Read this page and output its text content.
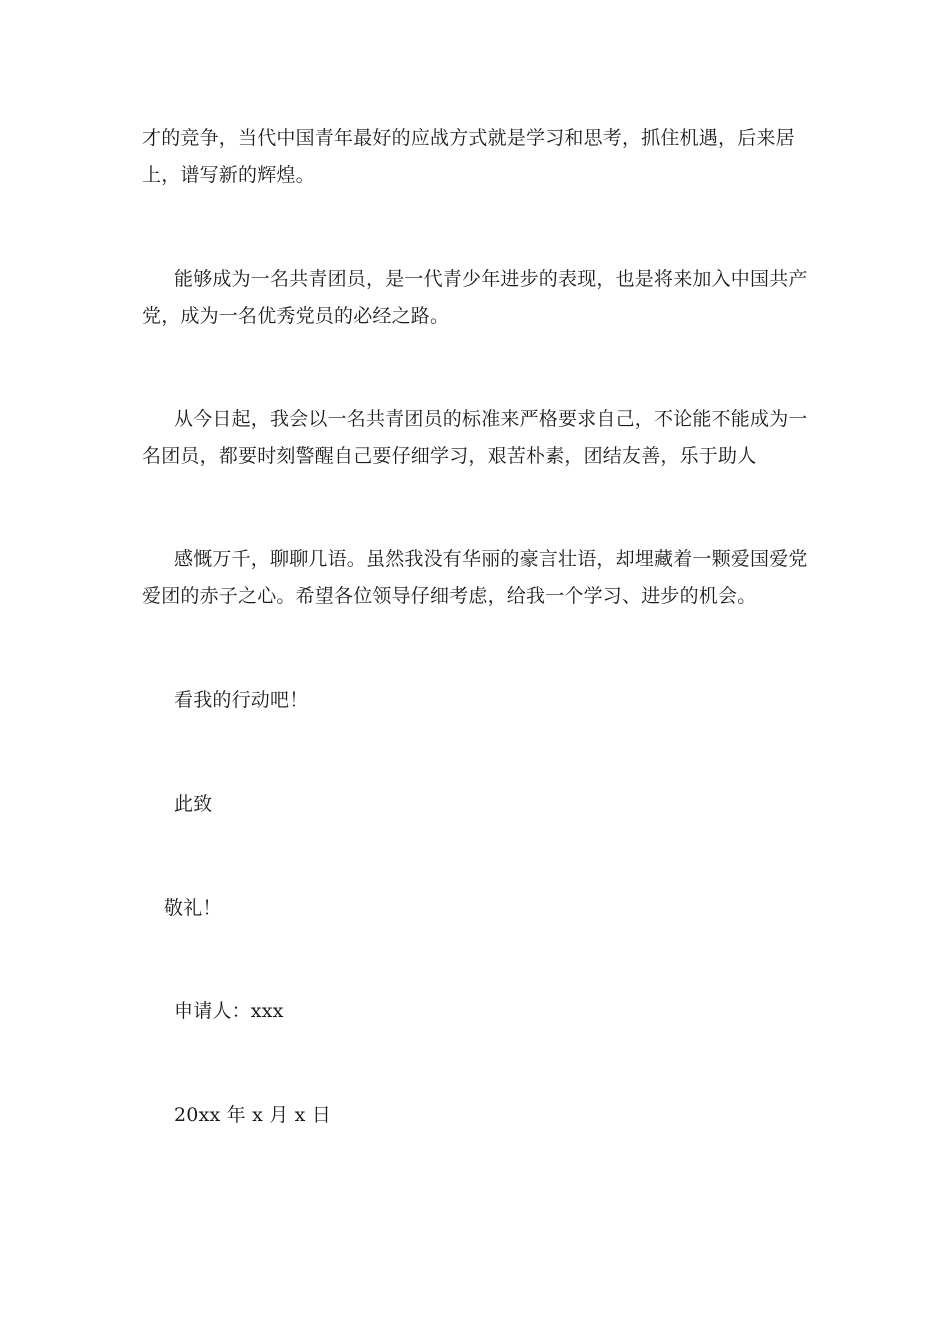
才的竞争，当代中国青年最好的应战方式就是学习和思考，抓住机遇，后来居
上，谱写新的辉煌。
能够成为一名共青团员，是一代青少年进步的表现，也是将来加入中国共产
党，成为一名优秀党员的必经之路。
从今日起，我会以一名共青团员的标准来严格要求自己，不论能不能成为一
名团员，都要时刻警醒自己要仔细学习，艰苦朴素，团结友善，乐于助人
感慨万千，聊聊几语。虽然我没有华丽的豪言壮语，却埋藏着一颗爱国爱党
爱团的赤子之心。希望各位领导仔细考虑，给我一个学习、进步的机会。
看我的行动吧！
此致
敬礼！
申请人：xxx
20xx 年 x 月 x 日
